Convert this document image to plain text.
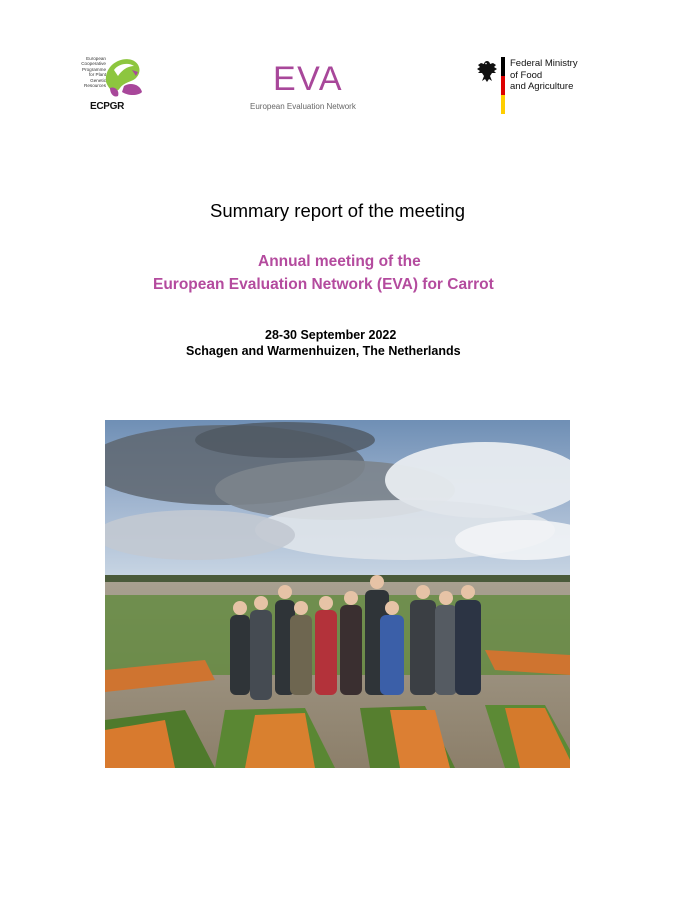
European
Cooperative
Programme
for Plant
Genetic
Resources
ECPGR
EVA
European Evaluation Network
Federal Ministry
of Food
and Agriculture
Summary report of the meeting
Annual meeting of the
European Evaluation Network (EVA) for Carrot
28-30 September 2022
Schagen and Warmenhuizen, The Netherlands
